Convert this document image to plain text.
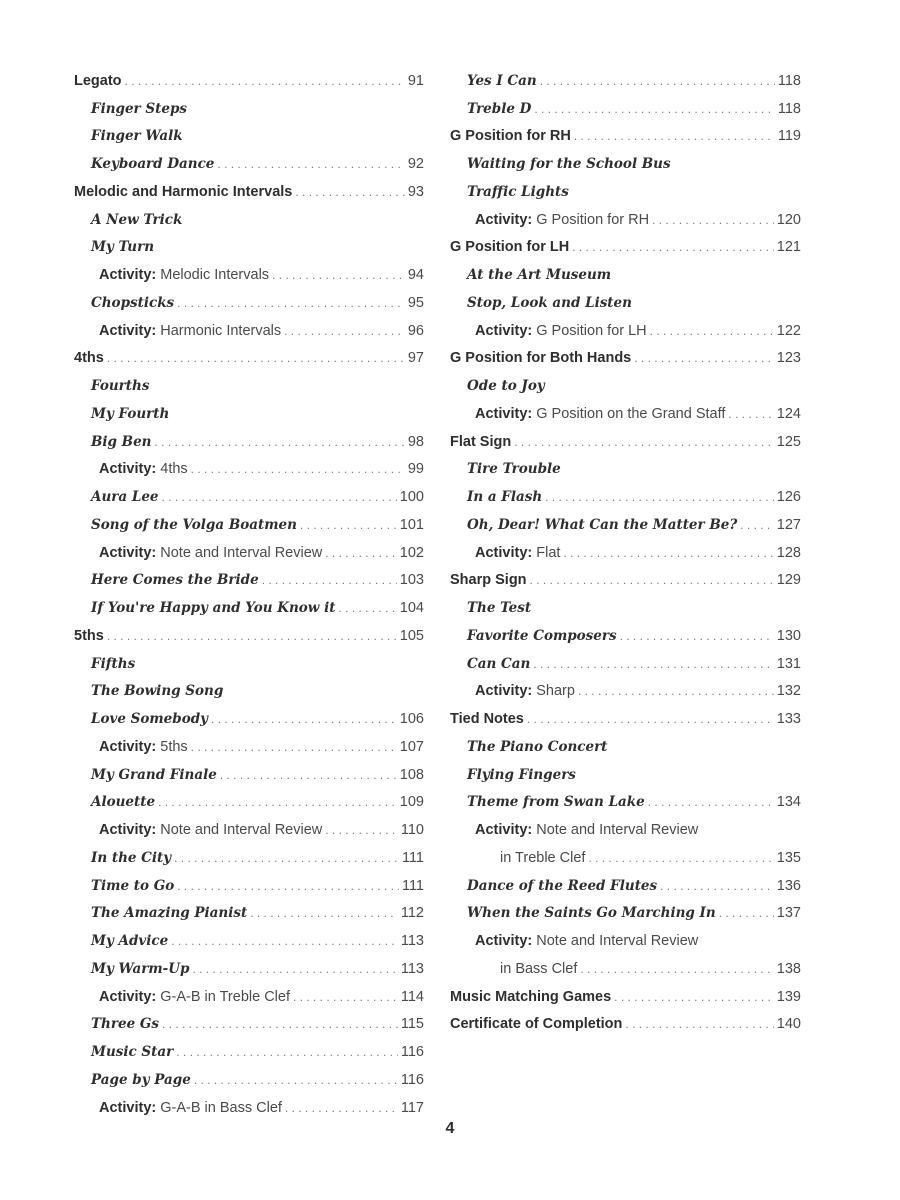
Legato . . .	91
Finger Steps
Finger Walk
Keyboard Dance . . .	92
Melodic and Harmonic Intervals . . .	93
A New Trick
My Turn
Activity: Melodic Intervals . . .	94
Chopsticks . . .	95
Activity: Harmonic Intervals . . .	96
4ths . . .	97
Fourths
My Fourth
Big Ben . . .	98
Activity: 4ths . . .	99
Aura Lee . . .	100
Song of the Volga Boatmen . . .	101
Activity: Note and Interval Review . . .	102
Here Comes the Bride . . .	103
If You're Happy and You Know it . . .	104
5ths . . .	105
Fifths
The Bowing Song
Love Somebody . . .	106
Activity: 5ths . . .	107
My Grand Finale . . .	108
Alouette . . .	109
Activity: Note and Interval Review . . .	110
In the City . . .	111
Time to Go . . .	111
The Amazing Pianist . . .	112
My Advice . . .	113
My Warm-Up . . .	113
Activity: G-A-B in Treble Clef . . .	114
Three Gs . . .	115
Music Star . . .	116
Page by Page . . .	116
Activity: G-A-B in Bass Clef . . .	117
Yes I Can . . .	118
Treble D . . .	118
G Position for RH . . .	119
Waiting for the School Bus
Traffic Lights
Activity: G Position for RH . . .	120
G Position for LH . . .	121
At the Art Museum
Stop, Look and Listen
Activity: G Position for LH . . .	122
G Position for Both Hands . . .	123
Ode to Joy
Activity: G Position on the Grand Staff . . .	124
Flat Sign . . .	125
Tire Trouble
In a Flash . . .	126
Oh, Dear! What Can the Matter Be? . . .	127
Activity: Flat . . .	128
Sharp Sign . . .	129
The Test
Favorite Composers . . .	130
Can Can . . .	131
Activity: Sharp . . .	132
Tied Notes . . .	133
The Piano Concert
Flying Fingers
Theme from Swan Lake . . .	134
Activity: Note and Interval Review
in Treble Clef . . .	135
Dance of the Reed Flutes . . .	136
When the Saints Go Marching In . . .	137
Activity: Note and Interval Review
in Bass Clef . . .	138
Music Matching Games . . .	139
Certificate of Completion . . .	140
4
